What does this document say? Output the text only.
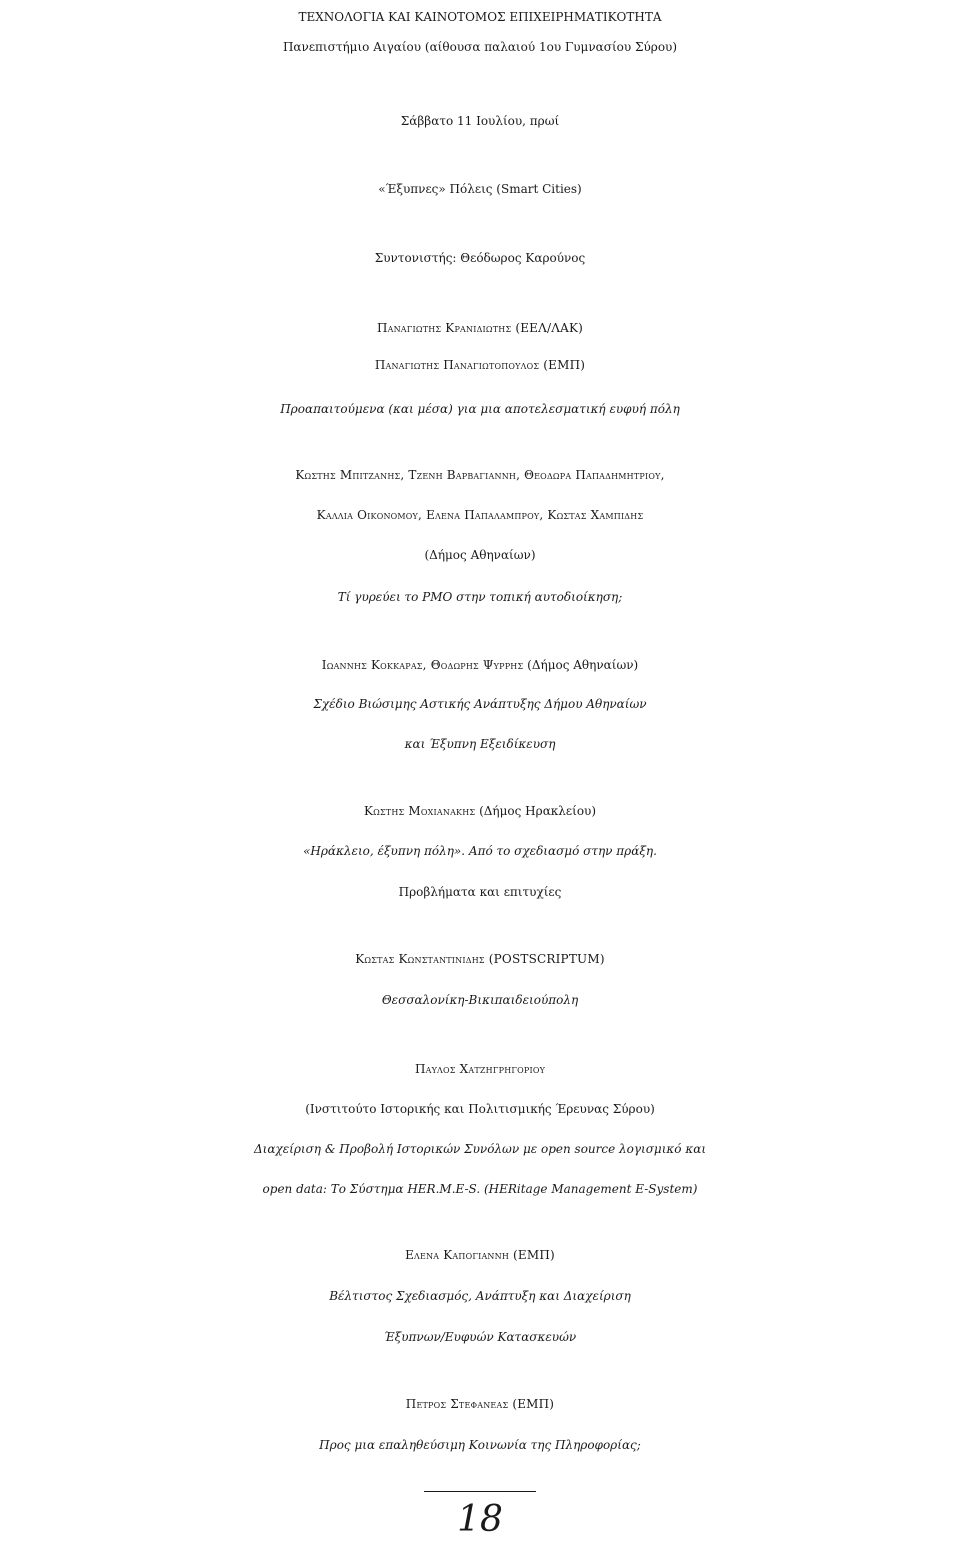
ΤΕΧΝΟΛΟΓΙΑ ΚΑΙ ΚΑΙΝΟΤΟΜΟΣ ΕΠΙΧΕΙΡΗΜΑΤΙΚΟΤΗΤΑ
Πανεπιστήμιο Αιγαίου (αίθουσα παλαιού 1ου Γυμνασίου Σύρου)
Σάββατο 11 Ιουλίου, πρωί
«Έξυπνες» Πόλεις (Smart Cities)
Συντονιστής: Θεόδωρος Καρούνος
Παναγιωτης Κρανιδιωτης (ΕΕΛ/ΛΑΚ)
Παναγιωτης Παναγιωτοπουλος (ΕΜΠ)
Προαπαιτούμενα (και μέσα) για μια αποτελεσματική ευφυή πόλη
Κωστης Μπιτζανης, Τζενη Βαρβαγιαννη, Θεοδωρα Παπαδημητριου,
Καλλια Οικονομου, Ελενα Παπαλαμπρου, Κωστας Χαμπιδης
(Δήμος Αθηναίων)
Τί γυρεύει το PMO στην τοπική αυτοδιοίκηση;
Ιωαννης Κοκκαρας, Θοδωρης Ψυρρης (Δήμος Αθηναίων)
Σχέδιο Βιώσιμης Αστικής Ανάπτυξης Δήμου Αθηναίων
και Έξυπνη Εξειδίκευση
Κωστης Μοχιανακης (Δήμος Ηρακλείου)
«Ηράκλειο, έξυπνη πόλη». Από το σχεδιασμό στην πράξη.
Προβλήματα και επιτυχίες
Κωστας Κωνσταντινιδης (POSTSCRIPTUM)
Θεσσαλονίκη-Βικιπαιδειούπολη
Παυλος Χατζηγρηγοριου
(Ινστιτούτο Ιστορικής και Πολιτισμικής Έρευνας Σύρου)
Διαχείριση & Προβολή Ιστορικών Συνόλων με open source λογισμικό και
open data: Το Σύστημα HER.M.E-S. (HERitage Management E-System)
Ελενα Καπογιαννη (ΕΜΠ)
Βέλτιστος Σχεδιασμός, Ανάπτυξη και Διαχείριση
Έξυπνων/Ευφυών Κατασκευών
Πετρος Στεφανεας (ΕΜΠ)
Προς μια επαληθεύσιμη Κοινωνία της Πληροφορίας;
18
